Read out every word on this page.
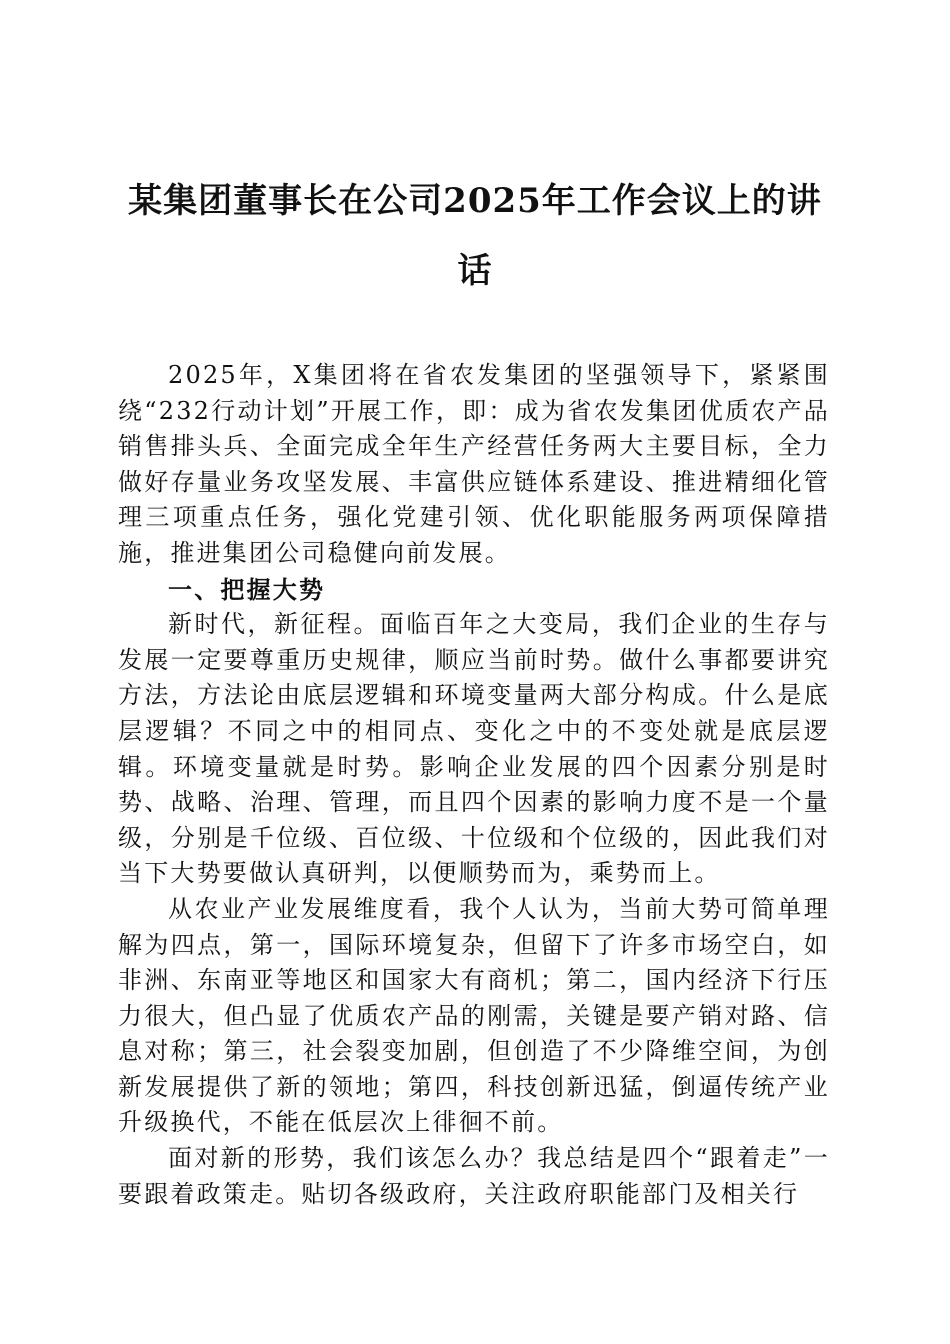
某集团董事长在公司2025年工作会议上的讲
话

2025年，X集团将在省农发集团的坚强领导下，紧紧围绕“232行动计划”开展工作，即：成为省农发集团优质农产品销售排头兵、全面完成全年生产经营任务两大主要目标，全力做好存量业务攻坚发展、丰富供应链体系建设、推进精细化管理三项重点任务，强化党建引领、优化职能服务两项保障措施，推进集团公司稳健向前发展。

一、把握大势

新时代，新征程。面临百年之大变局，我们企业的生存与发展一定要尊重历史规律，顺应当前时势。做什么事都要讲究方法，方法论由底层逻辑和环境变量两大部分构成。什么是底层逻辑？不同之中的相同点、变化之中的不变处就是底层逻辑。环境变量就是时势。影响企业发展的四个因素分别是时势、战略、治理、管理，而且四个因素的影响力度不是一个量级，分别是千位级、百位级、十位级和个位级的，因此我们对当下大势要做认真研判，以便顺势而为，乘势而上。

从农业产业发展维度看，我个人认为，当前大势可简单理解为四点，第一，国际环境复杂，但留下了许多市场空白，如非洲、东南亚等地区和国家大有商机；第二，国内经济下行压力很大，但凸显了优质农产品的刚需，关键是要产销对路、信息对称；第三，社会裂变加剧，但创造了不少降维空间，为创新发展提供了新的领地；第四，科技创新迅猛，倒逼传统产业升级换代，不能在低层次上徘徊不前。

面对新的形势，我们该怎么办？我总结是四个“跟着走”一要跟着政策走。贴切各级政府，关注政府职能部门及相关行
